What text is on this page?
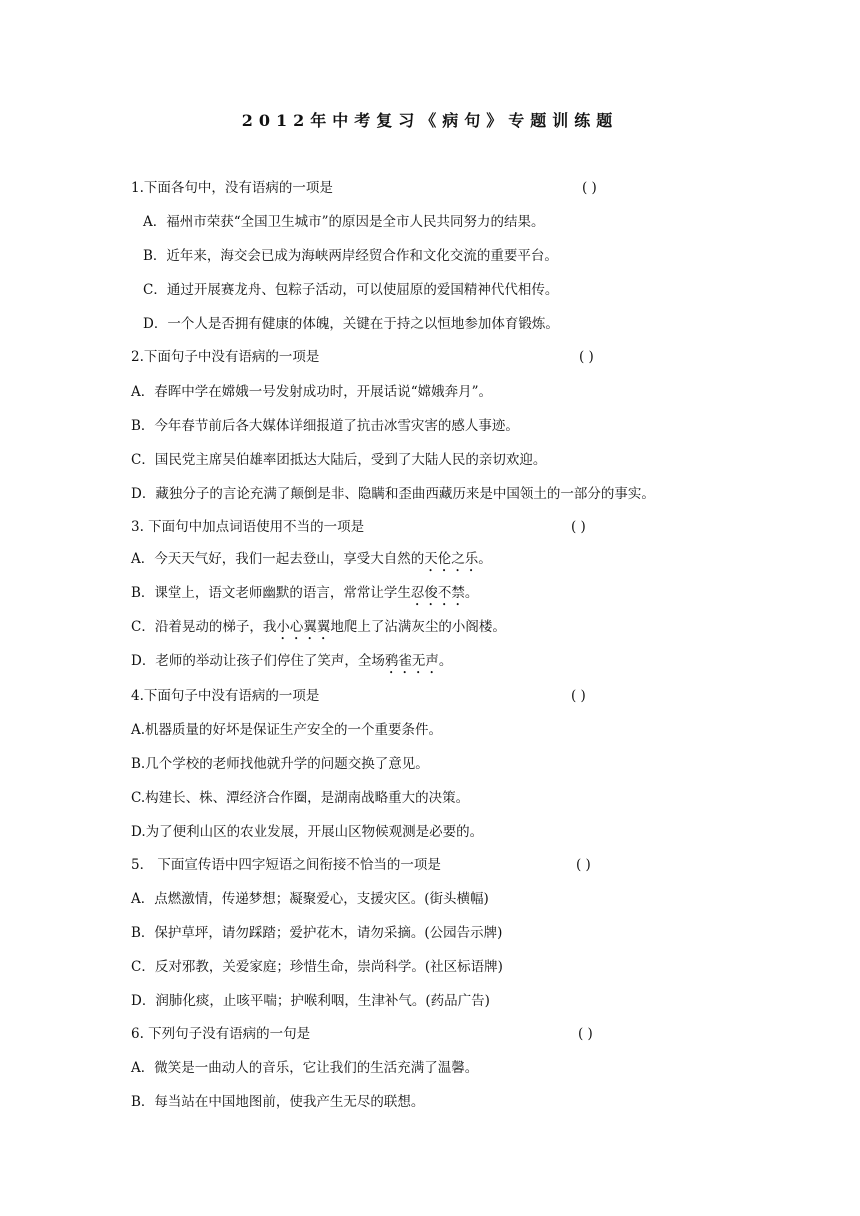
2012年中考复习《病句》专题训练题
1.下面各句中，没有语病的一项是	( )
A．福州市荣获“全国卫生城市”的原因是全市人民共同努力的结果。
B．近年来，海交会已成为海峡两岸经贸合作和文化交流的重要平台。
C．通过开展赛龙舟、包粽子活动，可以使屈原的爱国精神代代相传。
D．一个人是否拥有健康的体魄，关键在于持之以恒地参加体育锻炼。
2.下面句子中没有语病的一项是	( )
A．春晖中学在嫦娥一号发射成功时，开展话说“嫦娥奔月”。
B．今年春节前后各大媒体详细报道了抗击冰雪灾害的感人事迹。
C．国民党主席吴伯雄率团抵达大陆后，受到了大陆人民的亲切欢迎。
D．藏独分子的言论充满了颠倒是非、隐瞒和歪曲西藏历来是中国领土的一部分的事实。
3. 下面句中加点词语使用不当的一项是	( )
A．今天天气好，我们一起去登山，享受大自然的天伦之乐。
B．课堂上，语文老师幽默的语言，常常让学生忍俊不禁。
C．沿着晃动的梯子，我小心翼翼地爬上了沾满灰尘的小阁楼。
D．老师的举动让孩子们停住了笑声，全场鸦雀无声。
4.下面句子中没有语病的一项是	( )
A.机器质量的好坏是保证生产安全的一个重要条件。
B.几个学校的老师找他就升学的问题交换了意见。
C.构建长、株、潭经济合作圈，是湖南战略重大的决策。
D.为了便利山区的农业发展，开展山区物候观测是必要的。
5． 下面宣传语中四字短语之间衔接不恰当的一项是	( )
A．点燃激情，传递梦想；凝聚爱心，支援灾区。(街头横幅)
B．保护草坪，请勿踩踏；爱护花木，请勿采摘。(公园告示牌)
C．反对邪教，关爱家庭；珍惜生命，崇尚科学。(社区标语牌)
D．润肺化痰，止咳平喘；护喉利咽，生津补气。(药品广告)
6. 下列句子没有语病的一句是	( )
A．微笑是一曲动人的音乐，它让我们的生活充满了温馨。
B．每当站在中国地图前，使我产生无尽的联想。
